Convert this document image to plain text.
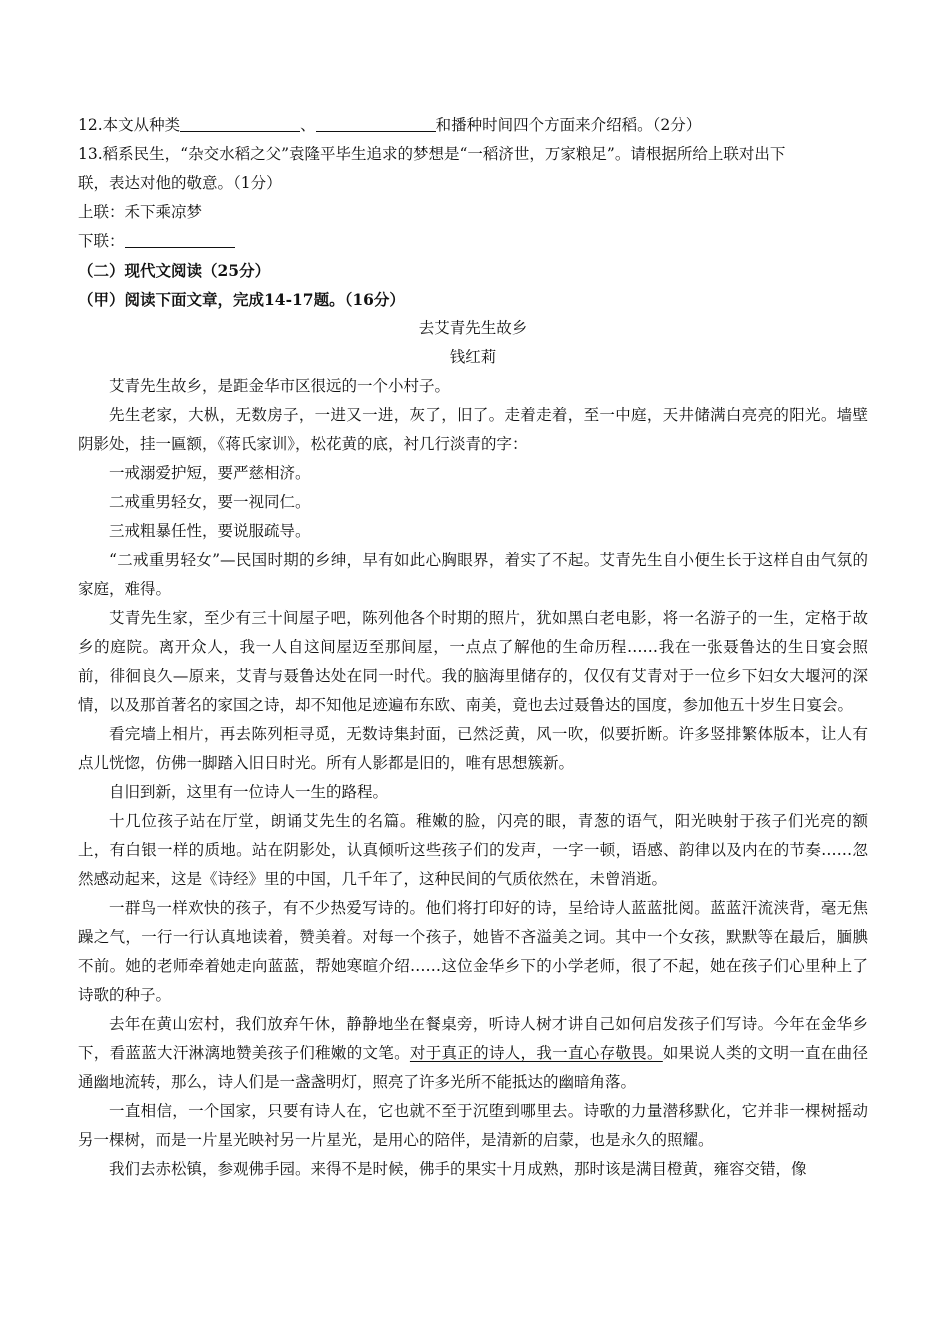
12.本文从种类	、	和播种时间四个方面来介绍稻。（2分）
13.稻系民生，“杂交水稻之父”袁隆平毕生追求的梦想是“一稻济世，万家粮足”。请根据所给上联对出下
联，表达对他的敬意。（1分）
上联：禾下乘凉梦
下联：
（二）现代文阅读（25分）
（甲）阅读下面文章，完成14-17题。（16分）
去艾青先生故乡
钱红莉

艾青先生故乡，是距金华市区很远的一个小村子。

先生老家，大枞，无数房子，一进又一进，灰了，旧了。走着走着，至一中庭，天井储满白亮亮的阳光。墙壁阴影处，挂一匾额，《蒋氏家训》，松花黄的底，衬几行淡青的字：

一戒溺爱护短，要严慈相济。

二戒重男轻女，要一视同仁。

三戒粗暴任性，要说服疏导。

“二戒重男轻女”—民国时期的乡绅，早有如此心胸眼界，着实了不起。艾青先生自小便生长于这样自由气氛的家庭，难得。

艾青先生家，至少有三十间屋子吧，陈列他各个时期的照片，犹如黑白老电影，将一名游子的一生，定格于故乡的庭院。离开众人，我一人自这间屋迈至那间屋，一点点了解他的生命历程……我在一张聂鲁达的生日宴会照前，徘徊良久—原来，艾青与聂鲁达处在同一时代。我的脑海里储存的，仅仅有艾青对于一位乡下妇女大堰河的深情，以及那首著名的家国之诗，却不知他足迹遍布东欧、南美，竟也去过聂鲁达的国度，参加他五十岁生日宴会。

看完墙上相片，再去陈列柜寻觅，无数诗集封面，已然泛黄，风一吹，似要折断。许多竖排繁体版本，让人有点儿恍惚，仿佛一脚踏入旧日时光。所有人影都是旧的，唯有思想簇新。

自旧到新，这里有一位诗人一生的路程。

十几位孩子站在厅堂，朗诵艾先生的名篇。稚嫩的脸，闪亮的眼，青葱的语气，阳光映射于孩子们光亮的额上，有白银一样的质地。站在阴影处，认真倾听这些孩子们的发声，一字一顿，语感、韵律以及内在的节奏……忽然感动起来，这是《诗经》里的中国，几千年了，这种民间的气质依然在，未曾消逝。

一群鸟一样欢快的孩子，有不少热爱写诗的。他们将打印好的诗，呈给诗人蓝蓝批阅。蓝蓝汗流浃背，毫无焦躁之气，一行一行认真地读着，赞美着。对每一个孩子，她皆不吝溢美之词。其中一个女孩，默默等在最后，腼腆不前。她的老师牵着她走向蓝蓝，帮她寒暄介绍……这位金华乡下的小学老师，很了不起，她在孩子们心里种上了诗歌的种子。

去年在黄山宏村，我们放弃午休，静静地坐在餐桌旁，听诗人树才讲自己如何启发孩子们写诗。今年在金华乡下，看蓝蓝大汗淋漓地赞美孩子们稚嫩的文笔。对于真正的诗人，我一直心存敬畏。如果说人类的文明一直在曲径通幽地流转，那么，诗人们是一盏盏明灯，照亮了许多光所不能抵达的幽暗角落。

一直相信，一个国家，只要有诗人在，它也就不至于沉堕到哪里去。诗歌的力量潜移默化，它并非一棵树摇动另一棵树，而是一片星光映衬另一片星光，是用心的陪伴，是清新的启蒙，也是永久的照耀。

我们去赤松镇，参观佛手园。来得不是时候，佛手的果实十月成熟，那时该是满目橙黄，雍容交错，像
